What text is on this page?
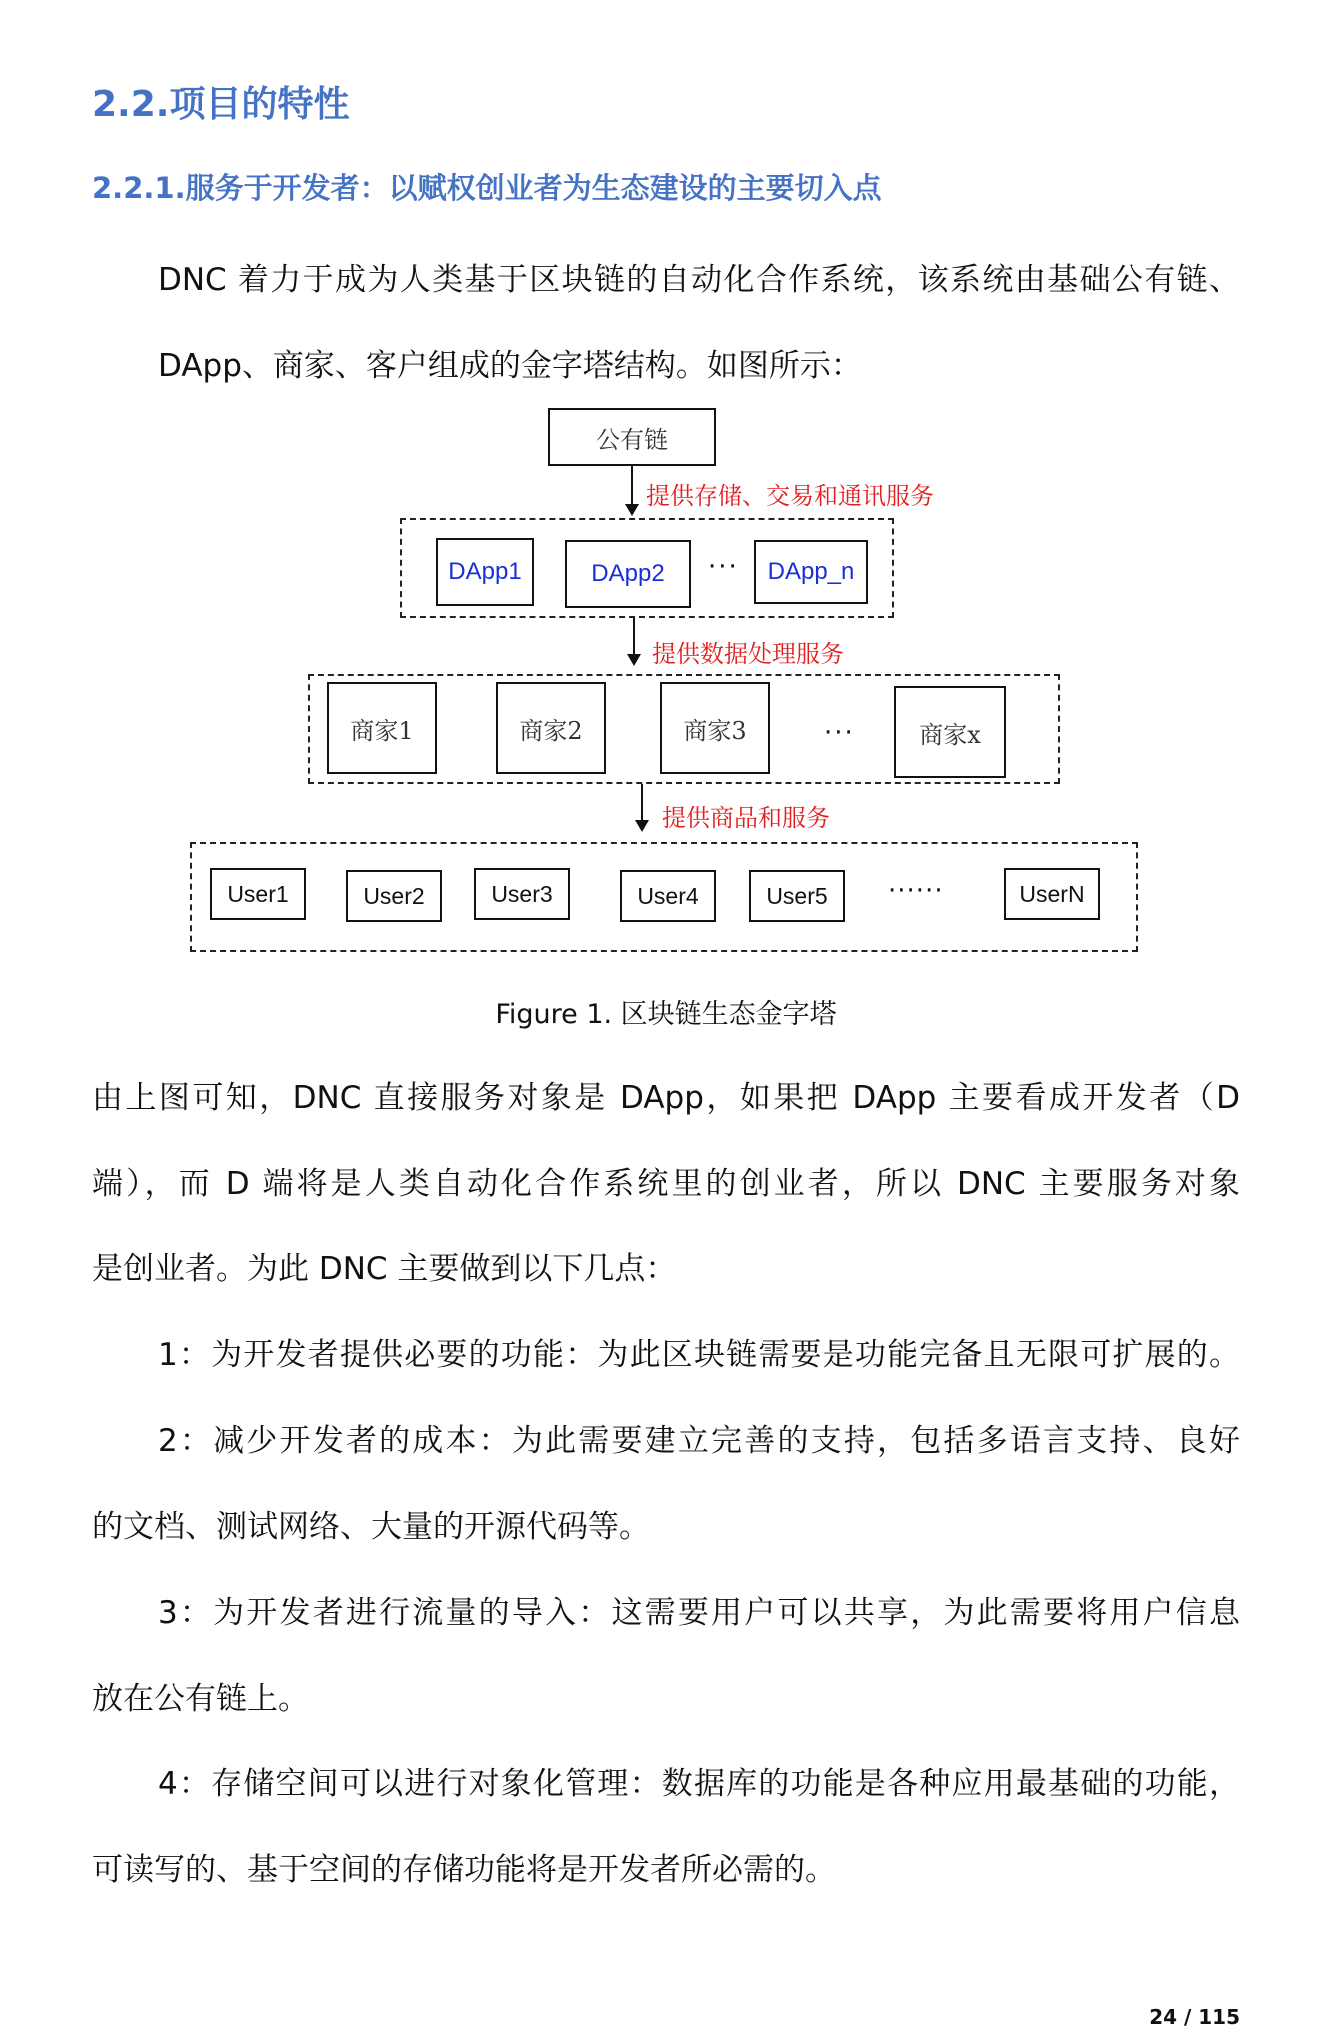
2.2.项目的特性
2.2.1.服务于开发者：以赋权创业者为生态建设的主要切入点
DNC 着力于成为人类基于区块链的自动化合作系统，该系统由基础公有链、
DApp、商家、客户组成的金字塔结构。如图所示：
公有链
提供存储、交易和通讯服务
DApp1	DApp2	···	DApp_n
提供数据处理服务
商家1	商家2	商家3	···	商家x
提供商品和服务
User1	User2	User3	User4	User5	······	UserN
Figure 1. 区块链生态金字塔
由上图可知，DNC 直接服务对象是 DApp，如果把 DApp 主要看成开发者（D
端），而 D 端将是人类自动化合作系统里的创业者，所以 DNC 主要服务对象
是创业者。为此 DNC 主要做到以下几点：
1：为开发者提供必要的功能：为此区块链需要是功能完备且无限可扩展的。
2：减少开发者的成本：为此需要建立完善的支持，包括多语言支持、良好
的文档、测试网络、大量的开源代码等。
3：为开发者进行流量的导入：这需要用户可以共享，为此需要将用户信息
放在公有链上。
4：存储空间可以进行对象化管理：数据库的功能是各种应用最基础的功能，
可读写的、基于空间的存储功能将是开发者所必需的。
24 / 115
